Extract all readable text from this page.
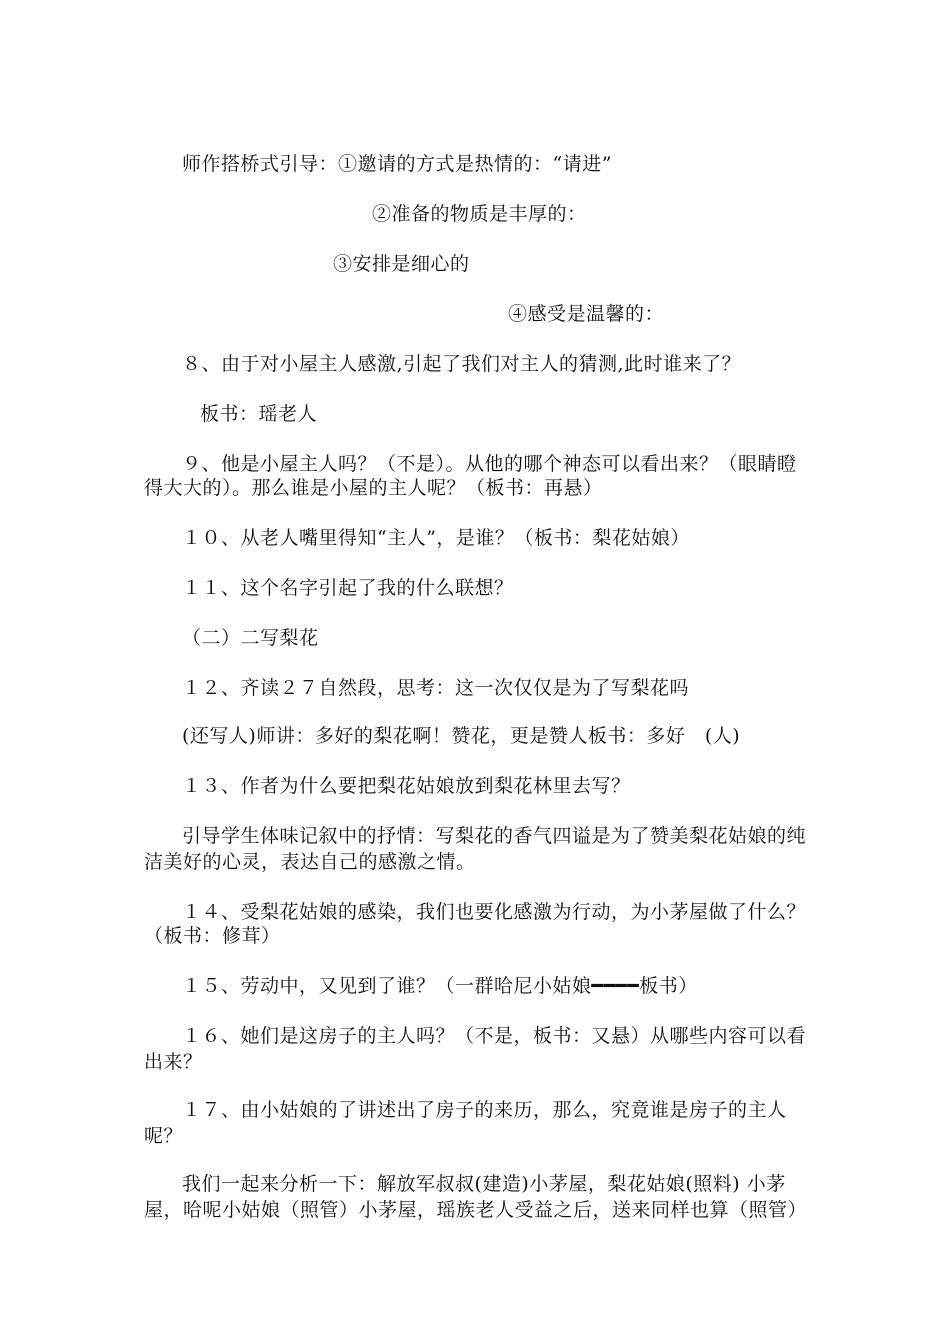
师作搭桥式引导：①邀请的方式是热情的：“请进”
②准备的物质是丰厚的：
③安排是细心的
④感受是温馨的：
８、由于对小屋主人感激,引起了我们对主人的猜测,此时谁来了？
板书：瑶老人
９、他是小屋主人吗？（不是）。从他的哪个神态可以看出来？（眼睛瞪
得大大的）。那么谁是小屋的主人呢？（板书：再悬）
１０、从老人嘴里得知“主人”，是谁？（板书：梨花姑娘）
１１、这个名字引起了我的什么联想？
（二）二写梨花
１２、齐读２７自然段，思考：这一次仅仅是为了写梨花吗
(还写人)师讲：多好的梨花啊！赞花，更是赞人板书：多好　(人)
１３、作者为什么要把梨花姑娘放到梨花林里去写？
引导学生体味记叙中的抒情：写梨花的香气四谥是为了赞美梨花姑娘的纯
洁美好的心灵，表达自己的感激之情。
１４、受梨花姑娘的感染，我们也要化感激为行动，为小茅屋做了什么？
（板书：修茸）
１５、劳动中，又见到了谁？（一群哈尼小姑娘━━━━板书）
１６、她们是这房子的主人吗？（不是，板书：又悬）从哪些内容可以看
出来？
１７、由小姑娘的了讲述出了房子的来历，那么，究竟谁是房子的主人
呢？
我们一起来分析一下：解放军叔叔(建造)小茅屋，梨花姑娘(照料) 小茅
屋，哈呢小姑娘（照管）小茅屋，瑶族老人受益之后，送来同样也算（照管）
